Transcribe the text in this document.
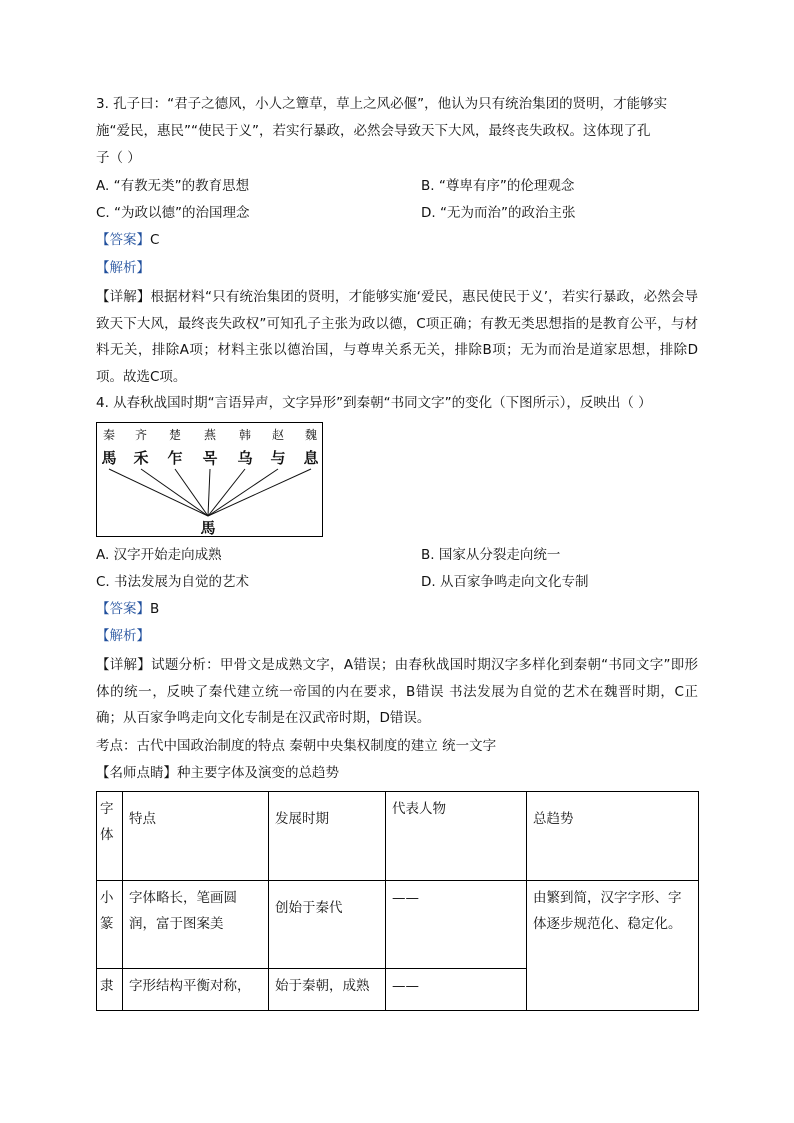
3. 孔子曰：“君子之德风，小人之簟草，草上之风必偃”，他认为只有统治集团的贤明，才能够实
施“爱民，惠民”“使民于义”，若实行暴政，必然会导致天下大风，最终丧失政权。这体现了孔
子（ ）
A. “有教无类”的教育思想	B. “尊卑有序”的伦理观念
C. “为政以德”的治国理念	D. “无为而治”的政治主张
【答案】C
【解析】
【详解】根据材料“只有统治集团的贤明，才能够实施‘爱民，惠民使民于义’，若实行暴政，必然会导致天下大风，最终丧失政权”可知孔子主张为政以德，C项正确；有教无类思想指的是教育公平，与材料无关，排除A项；材料主张以德治国，与尊卑关系无关，排除B项；无为而治是道家思想，排除D项。故选C项。
4. 从春秋战国时期“言语异声，文字异形”到秦朝“书同文字”的变化（下图所示），反映出（ ）
秦 齐 楚 燕 韩 赵 魏
馬 禾 乍 목 乌 与 息
馬
A. 汉字开始走向成熟	B. 国家从分裂走向统一
C. 书法发展为自觉的艺术	D. 从百家争鸣走向文化专制
【答案】B
【解析】
【详解】试题分析：甲骨文是成熟文字，A错误；由春秋战国时期汉字多样化到秦朝“书同文字”即形体的统一，反映了秦代建立统一帝国的内在要求，B错误 书法发展为自觉的艺术在魏晋时期，C正确；从百家争鸣走向文化专制是在汉武帝时期，D错误。
考点：古代中国政治制度的特点 秦朝中央集权制度的建立 统一文字
【名师点睛】种主要字体及演变的总趋势
字体	特点	发展时期	代表人物	总趋势
小篆	字体略长，笔画圆润，富于图案美	创始于秦代	——	由繁到简，汉字字形、字体逐步规范化、稳定化。
隶	字形结构平衡对称，	始于秦朝，成熟	——	
